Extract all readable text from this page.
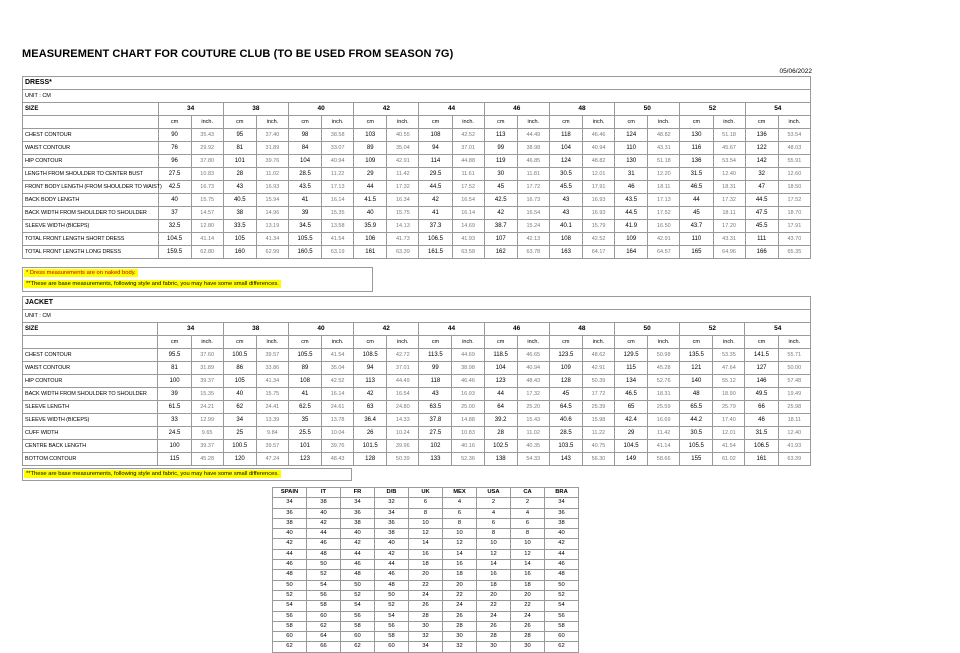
MEASUREMENT CHART FOR COUTURE CLUB (TO BE USED FROM SEASON 7G)
05/06/2022
DRESS*																				
UNIT : CM																				
SIZE	34		38		40		42		44		46		48		50		52		54	
	cm	inch.	cm	inch.	cm	inch.	cm	inch.	cm	inch.	cm	inch.	cm	inch.	cm	inch.	cm	inch.	cm	inch.
CHEST CONTOUR	90	35.43	95	37.40	98	38.58	103	40.55	108	42.52	113	44.49	118	46.46	124	48.82	130	51.18	136	53.54
WAIST CONTOUR	76	29.92	81	31.89	84	33.07	89	35.04	94	37.01	99	38.98	104	40.94	110	43.31	116	45.67	122	48.03
HIP CONTOUR	96	37.80	101	39.76	104	40.94	109	42.91	114	44.88	119	46.85	124	48.82	130	51.18	136	53.54	142	55.91
LENGTH FROM SHOULDER TO CENTER BUST	27.5	10.83	28	11.02	28.5	11.22	29	11.42	29.5	11.61	30	11.81	30.5	12.01	31	12.20	31.5	12.40	32	12.60
FRONT BODY LENGTH (FROM SHOULDER TO WAIST)	42.5	16.73	43	16.93	43.5	17.13	44	17.32	44.5	17.52	45	17.72	45.5	17.91	46	18.11	46.5	18.31	47	18.50
BACK BODY LENGTH	40	15.75	40.5	15.94	41	16.14	41.5	16.34	42	16.54	42.5	16.73	43	16.93	43.5	17.13	44	17.32	44.5	17.52
BACK WIDTH FROM SHOULDER TO SHOULDER	37	14.57	38	14.96	39	15.35	40	15.75	41	16.14	42	16.54	43	16.93	44.5	17.52	45	18.11	47.5	18.70
SLEEVE WIDTH (BICEPS)	32.5	12.80	33.5	13.19	34.5	13.58	35.9	14.13	37.3	14.69	38.7	15.24	40.1	15.79	41.9	16.50	43.7	17.20	45.5	17.91
TOTAL FRONT LENGTH SHORT DRESS	104.5	41.14	105	41.34	105.5	41.54	106	41.73	106.5	41.93	107	42.13	108	42.52	109	42.91	110	43.31	111	43.70
TOTAL FRONT LENGTH LONG DRESS	159.5	62.80	160	62.99	160.5	63.19	161	63.39	161.5	63.58	162	63.78	163	64.17	164	64.57	165	64.96	166	65.35
* Dress measurements are on naked body.
**These are base measurements, following style and fabric, you may have some small differences.
JACKET																				
UNIT : CM																				
SIZE	34		38		40		42		44		46		48		50		52		54	
	cm	inch.	cm	inch.	cm	inch.	cm	inch.	cm	inch.	cm	inch.	cm	inch.	cm	inch.	cm	inch.	cm	inch.
CHEST CONTOUR	95.5	37.60	100.5	39.57	105.5	41.54	108.5	42.72	113.5	44.69	118.5	46.65	123.5	48.62	129.5	50.98	135.5	53.35	141.5	55.71
WAIST CONTOUR	81	31.89	86	33.86	89	35.04	94	37.01	99	38.98	104	40.94	109	42.91	115	45.28	121	47.64	127	50.00
HIP CONTOUR	100	39.37	105	41.34	108	42.52	113	44.49	118	46.46	123	48.43	128	50.39	134	52.76	140	55.12	146	57.48
BACK WIDTH FROM SHOULDER TO SHOULDER	39	15.35	40	15.75	41	16.14	42	16.54	43	16.93	44	17.32	45	17.72	46.5	18.31	48	18.90	49.5	19.49
SLEEVE LENGTH	61.5	24.21	62	24.41	62.5	24.61	63	24.80	63.5	25.00	64	25.20	64.5	25.39	65	25.59	65.5	25.79	66	25.98
SLEEVE WIDTH (BICEPS)	33	12.99	34	13.39	35	13.78	36.4	14.33	37.8	14.88	39.2	15.43	40.6	15.98	42.4	16.69	44.2	17.40	46	18.11
CUFF WIDTH	24.5	9.65	25	9.84	25.5	10.04	26	10.24	27.5	10.83	28	11.02	28.5	11.22	29	11.42	30.5	12.01	31.5	12.40
CENTRE BACK LENGTH	100	39.37	100.5	39.57	101	39.76	101.5	39.96	102	40.16	102.5	40.35	103.5	40.75	104.5	41.14	105.5	41.54	106.5	41.93
BOTTOM CONTOUR	115	45.28	120	47.24	123	48.43	128	50.39	133	52.36	138	54.33	143	56.30	149	58.66	155	61.02	161	63.39
**These are base measurements, following style and fabric, you may have some small differences.
SPAIN	IT	FR	D/B	UK	MEX	USA	CA	BRA
34	38	34	32	6	4	2	2	34
36	40	36	34	8	6	4	4	36
38	42	38	36	10	8	6	6	38
40	44	40	38	12	10	8	8	40
42	46	42	40	14	12	10	10	42
44	48	44	42	16	14	12	12	44
46	50	46	44	18	16	14	14	46
48	52	48	46	20	18	16	16	48
50	54	50	48	22	20	18	18	50
52	56	52	50	24	22	20	20	52
54	58	54	52	26	24	22	22	54
56	60	56	54	28	26	24	24	56
58	62	58	56	30	28	26	26	58
60	64	60	58	32	30	28	28	60
62	66	62	60	34	32	30	30	62
